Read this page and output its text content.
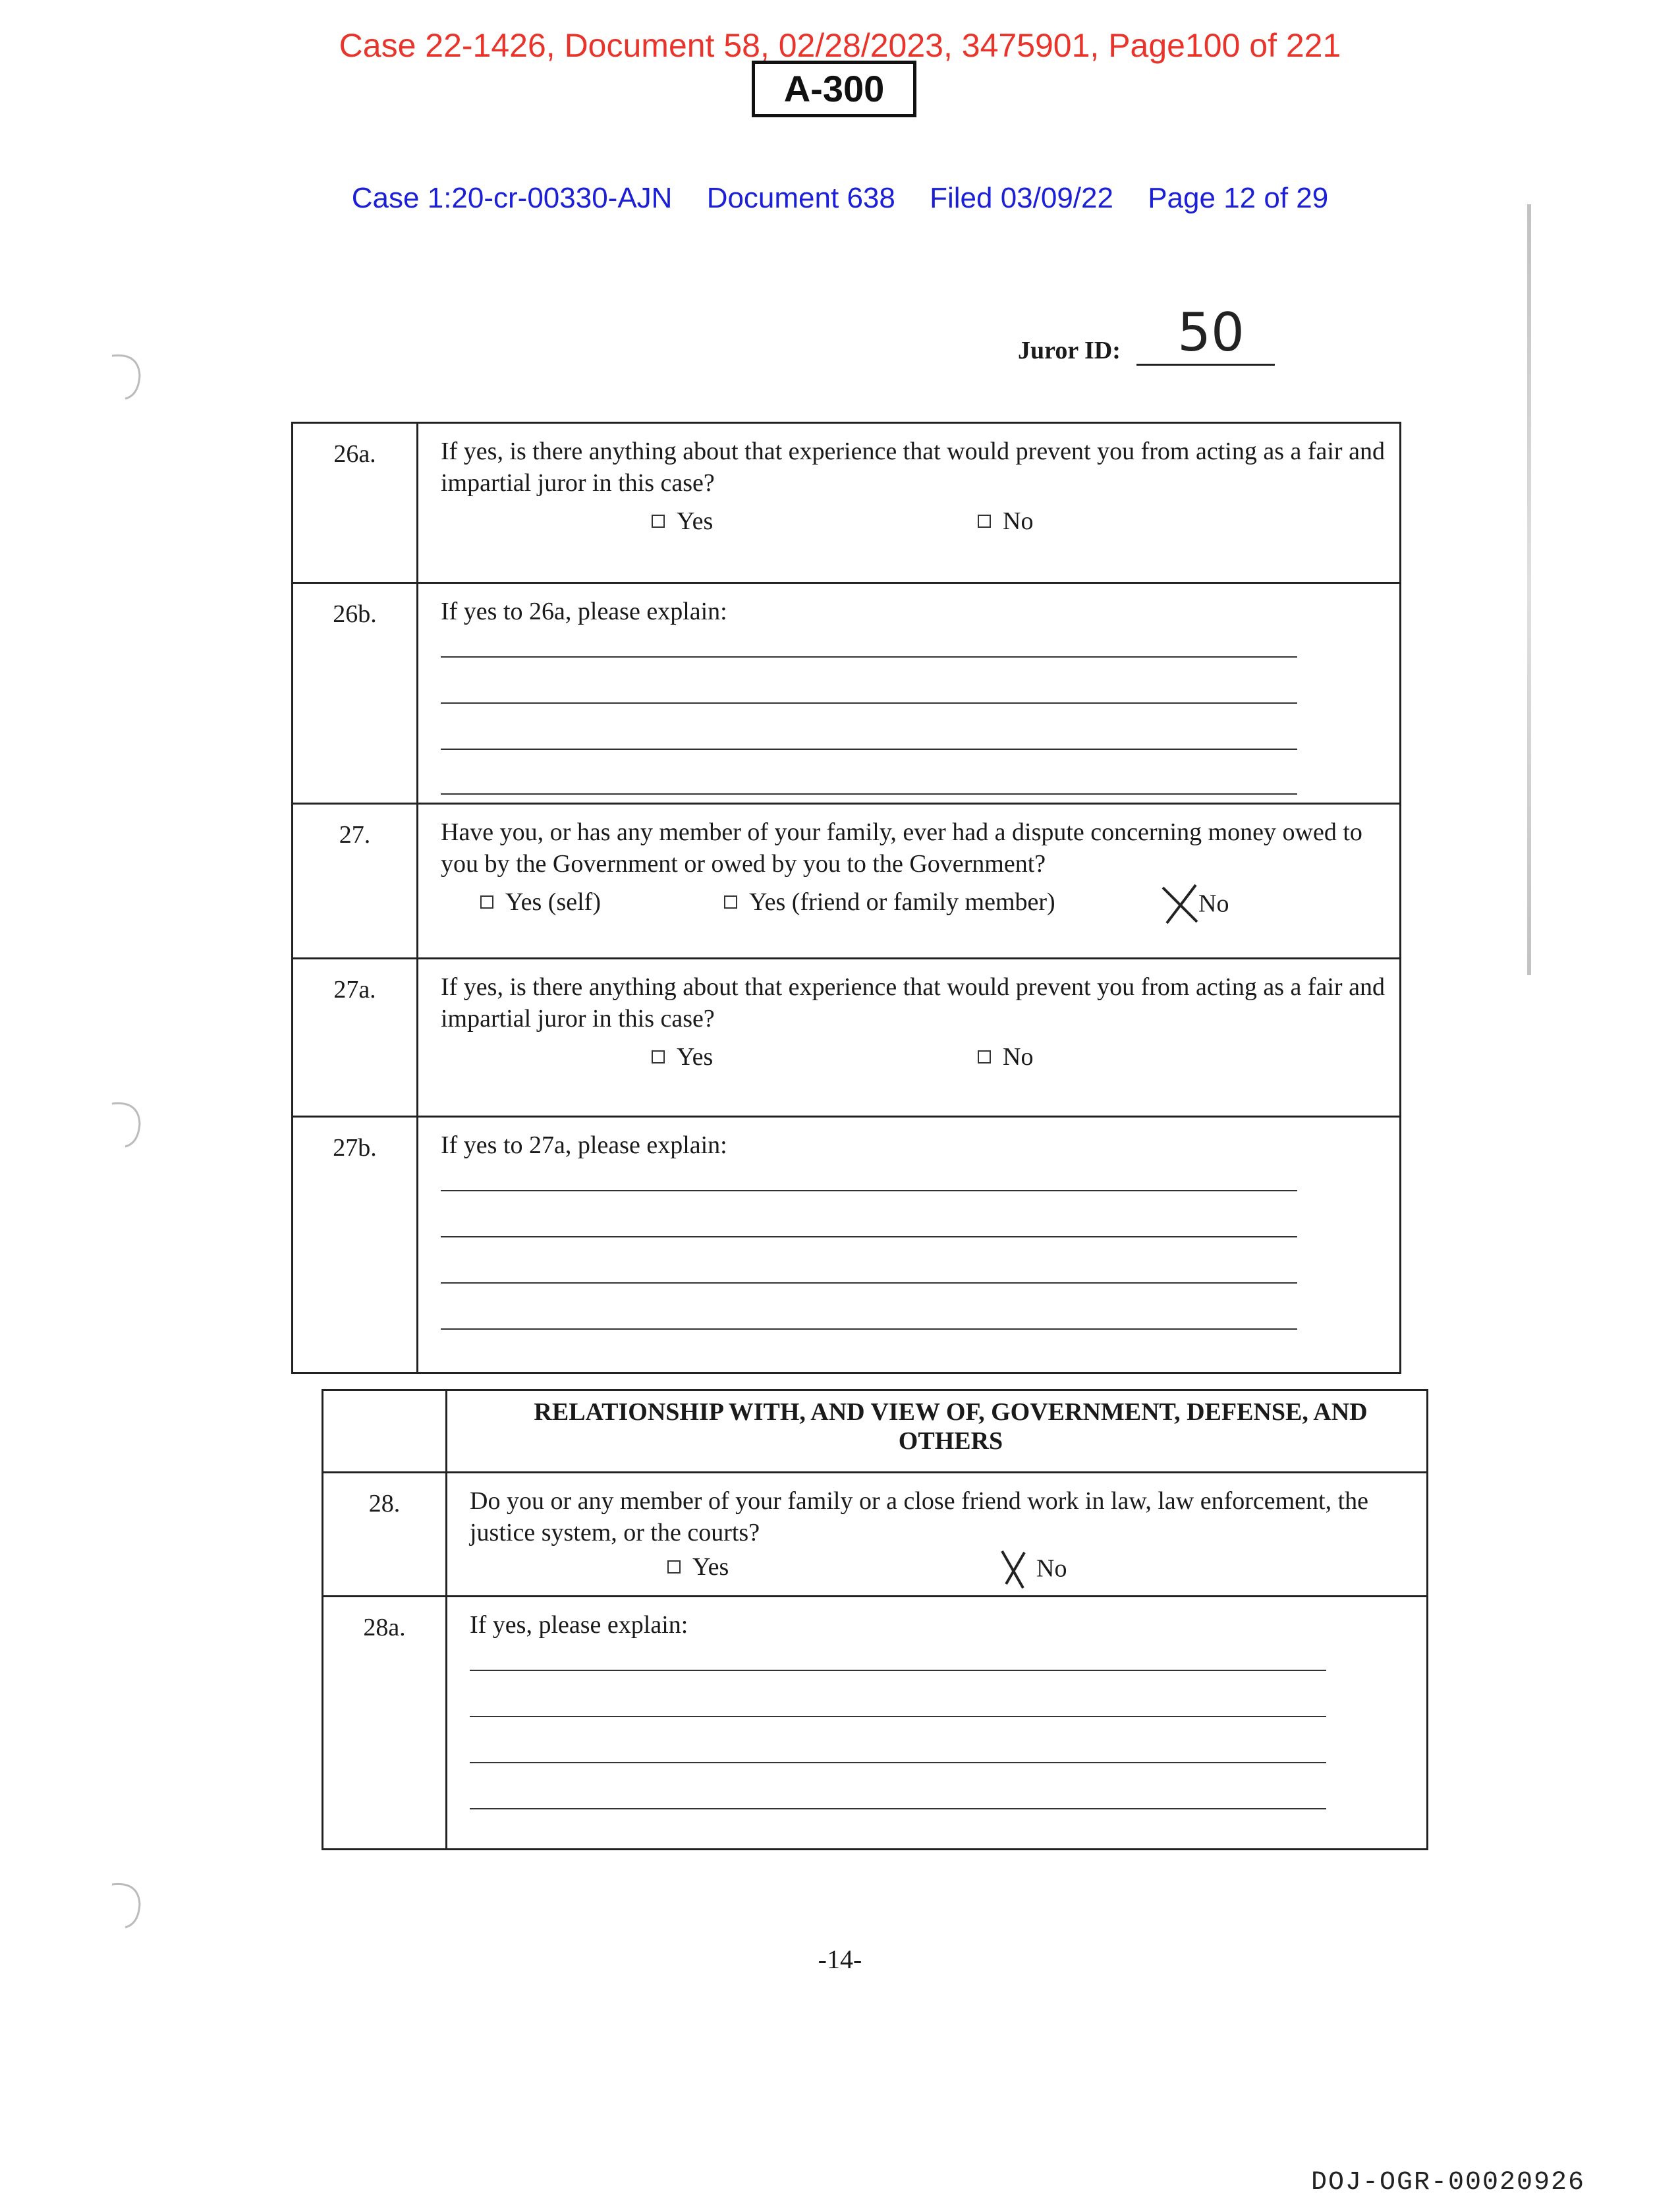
Case 22-1426, Document 58, 02/28/2023, 3475901, Page100 of 221
A-300
Case 1:20-cr-00330-AJN Document 638 Filed 03/09/22 Page 12 of 29
Juror ID:	50
26a.	If yes, is there anything about that experience that would prevent you from acting as a fair and impartial juror in this case?

Yes	No
26b.	If yes to 26a, please explain:

27.	Have you, or has any member of your family, ever had a dispute concerning money owed to you by the Government or owed by you to the Government?

Yes (self)	Yes (friend or family member)	No
27a.	If yes, is there anything about that experience that would prevent you from acting as a fair and impartial juror in this case?

Yes	No
27b.	If yes to 27a, please explain:

RELATIONSHIP WITH, AND VIEW OF, GOVERNMENT, DEFENSE, AND OTHERS
28.	Do you or any member of your family or a close friend work in law, law enforcement, the justice system, or the courts?

Yes	No
28a.	If yes, please explain:

-14-
DOJ-OGR-00020926
